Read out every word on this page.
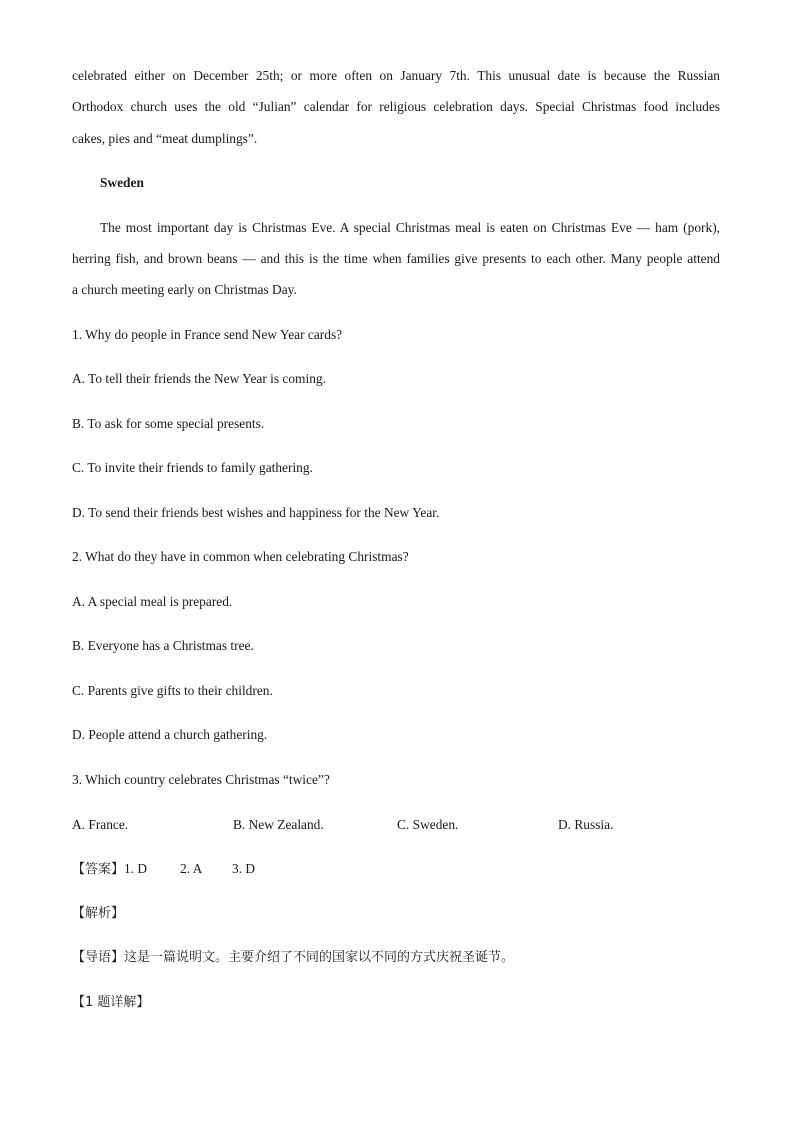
celebrated either on December 25th; or more often on January 7th. This unusual date is because the Russian
Orthodox church uses the old “Julian” calendar for religious celebration days. Special Christmas food includes
cakes, pies and “meat dumplings”.
Sweden
The most important day is Christmas Eve. A special Christmas meal is eaten on Christmas Eve — ham (pork),
herring fish, and brown beans — and this is the time when families give presents to each other. Many people attend
a church meeting early on Christmas Day.
1. Why do people in France send New Year cards?
A. To tell their friends the New Year is coming.
B. To ask for some special presents.
C. To invite their friends to family gathering.
D. To send their friends best wishes and happiness for the New Year.
2. What do they have in common when celebrating Christmas?
A. A special meal is prepared.
B. Everyone has a Christmas tree.
C. Parents give gifts to their children.
D. People attend a church gathering.
3. Which country celebrates Christmas “twice”?
A. France.	B. New Zealand.	C. Sweden.	D. Russia.
【答案】1. D 2. A 3. D
【解析】
【导语】这是一篇说明文。主要介绍了不同的国家以不同的方式庆祝圣诞节。
【1 题详解】
